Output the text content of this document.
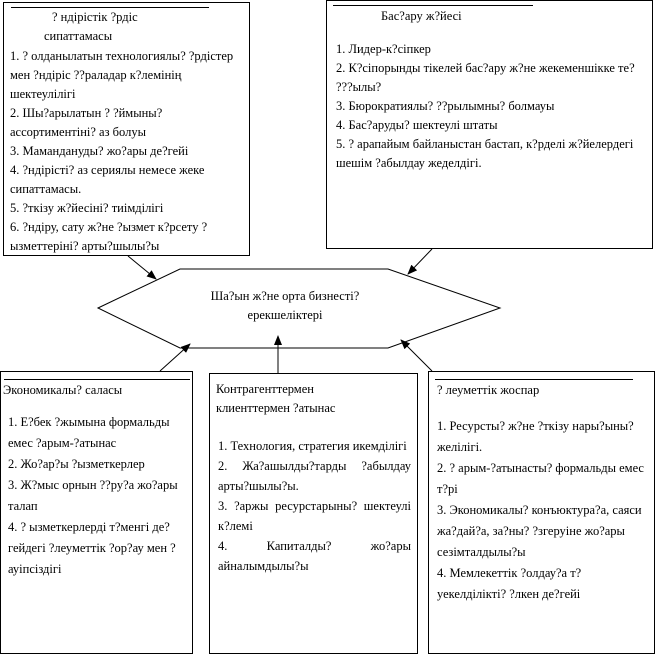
Ша?ын ж?не орта бизнесті?
ерекшеліктері
? ндірістік ?рдіс
сипаттамасы
1. ? олданылатын технологиялы? ?рдістер мен ?ндіріс ??раладар к?лемінің шектеулілігі
2. Шы?арылатын ? ?ймыны? ассортиментіні? аз болуы
3. Мамандануды? жо?ары де?гейі
4. ?ндірісті? аз сериялы немесе жеке сипаттамасы.
5. ?ткізу ж?йесіні? тиімділігі
6. ?ндіру, сату ж?не ?ызмет к?рсету ?ызметтеріні? арты?шылы?ы
Бас?ару ж?йесі
1. Лидер-к?сіпкер
2. К?сіпорынды тікелей бас?ару ж?не жекеменшікке те? ???ылы?
3. Бюрократиялы? ??рылымны? болмауы
4. Бас?аруды? шектеулі штаты
5. ? арапайым байланыстан бастап, к?рделі ж?йелердегі шешім ?абылдау жеделдігі.
Экономикалы? саласы
1. Е?бек ?жымына формальды емес ?арым-?атынас
2. Жо?ар?ы ?ызметкерлер
3. Ж?мыс орнын ??ру?а жо?ары талап
4. ? ызметкерлерді т?менгі де?гейдегі ?леуметтік ?ор?ау мен ?ауіпсіздігі
Контрагенттермен
клиенттермен ?атынас
1. Технология, стратегия икемділігі
2. Жа?ашылды?тарды ?абылдау арты?шылы?ы.
3. ?аржы ресурстарыны? шектеулі к?лемі
4. Капиталды? жо?ары айналымдылы?ы
? леуметтік жоспар
1. Ресурсты? ж?не ?ткізу нары?ыны? желілігі.
2. ? арым-?атынасты? формальды емес т?рі
3. Экономикалы? конъюктура?а, саяси жа?дай?а, за?ны? ?згеруіне жо?ары сезімталдылы?ы
4. Мемлекеттік ?олдау?а т?уекелділікті? ?лкен де?гейі
